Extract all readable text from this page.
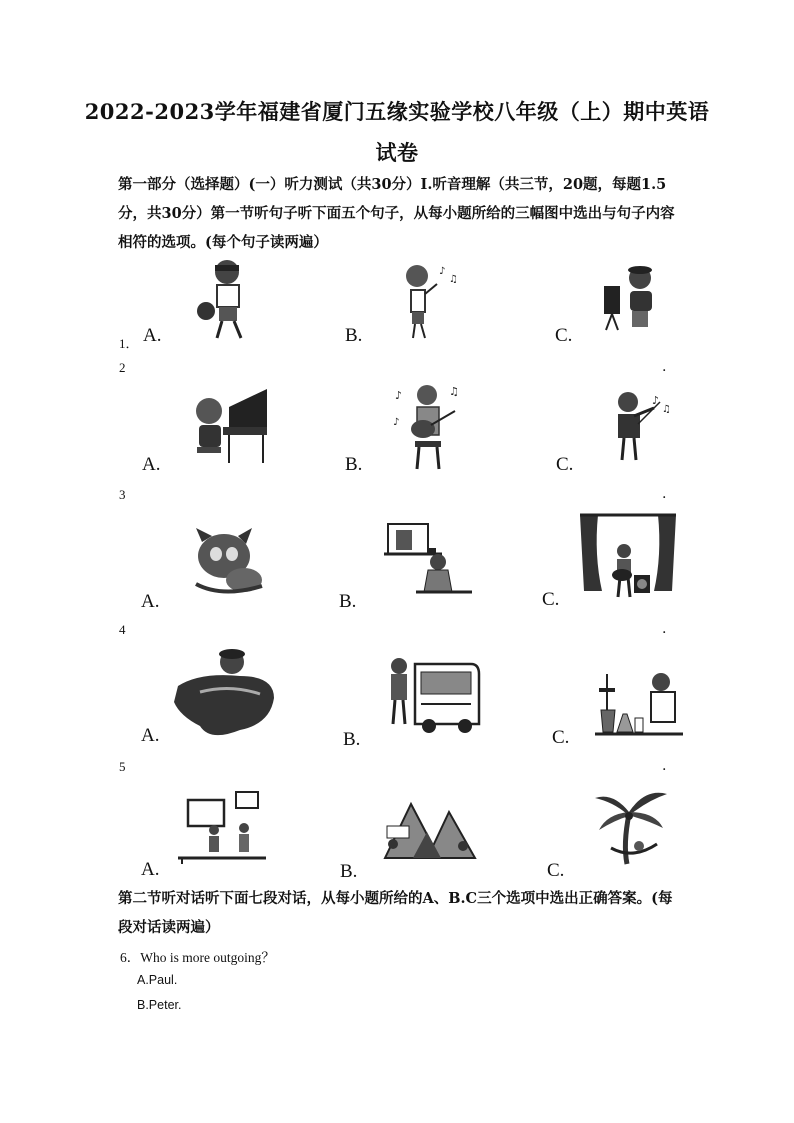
2022-2023学年福建省厦门五缘实验学校八年级（上）期中英语
试卷
第一部分（选择题）(一）听力测试（共30分）I.听音理解（共三节，20题，每题1.5分，共30分）第一节听句子听下面五个句子，从每小题所给的三幅图中选出与句子内容相符的选项。(每个句子读两遍）
1． A.	B.
♪
♫
C.
2	.
A.	B.
♪	♫
♪
C.
♪
♫
3	.
A.	B.	C.
4	.
A.	B.	C.
5	.
A.	B.	C.
第二节听对话听下面七段对话，从每小题所给的A、B.C三个选项中选出正确答案。(每段对话读两遍）
6．Who is more outgoing？
A.Paul.
B.Peter.
